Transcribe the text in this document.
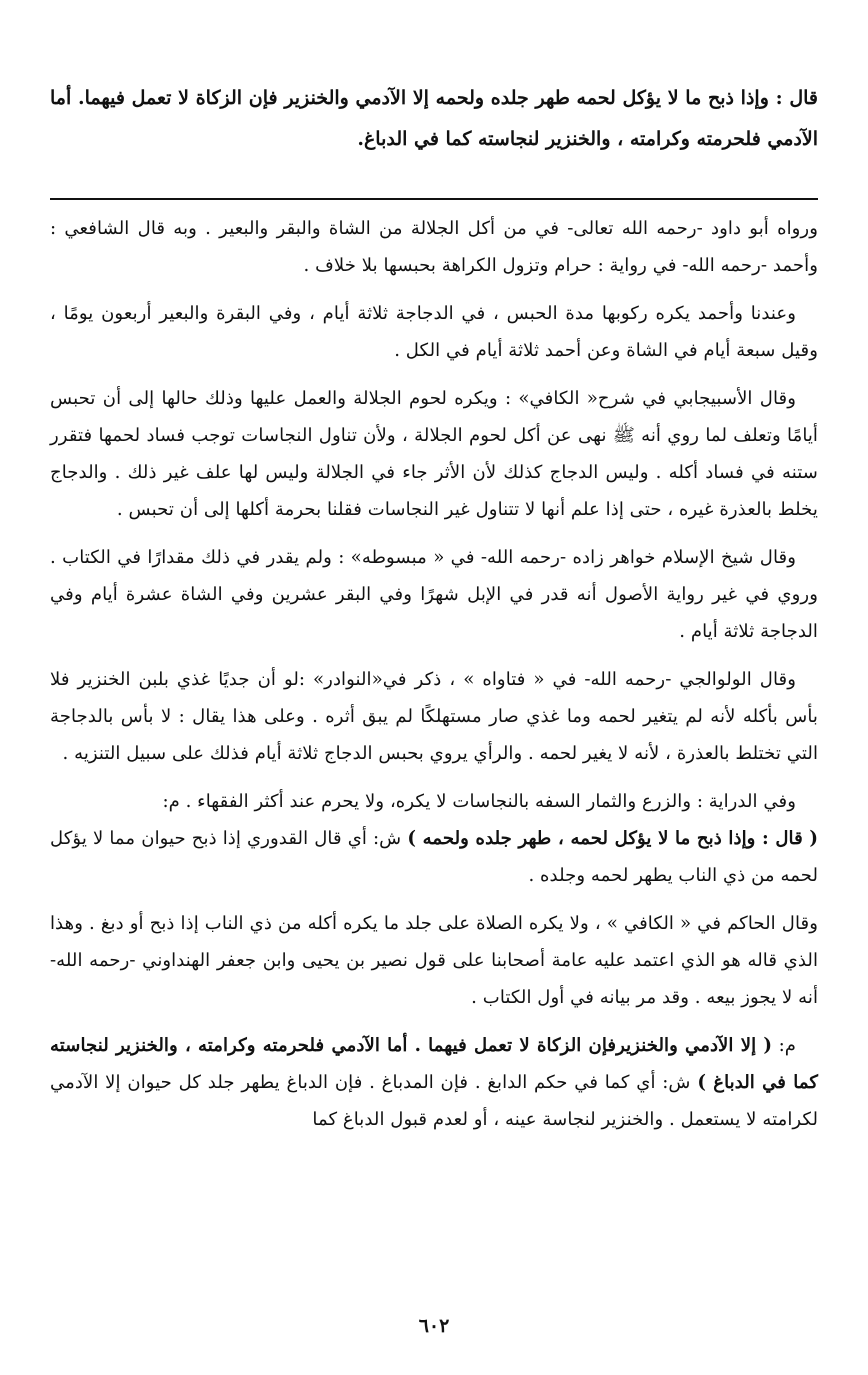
قال : وإذا ذبح ما لا يؤكل لحمه طهر جلده ولحمه إلا الآدمي والخنزير فإن الزكاة لا تعمل فيهما. أما الآدمي فلحرمته وكرامته ، والخنزير لنجاسته كما في الدباغ.

ورواه أبو داود -رحمه الله تعالى- في من أكل الجلالة من الشاة والبقر والبعير . وبه قال الشافعي : وأحمد -رحمه الله- في رواية : حرام وتزول الكراهة بحبسها بلا خلاف .

وعندنا وأحمد يكره ركوبها مدة الحبس ، في الدجاجة ثلاثة أيام ، وفي البقرة والبعير أربعون يومًا ، وقيل سبعة أيام في الشاة وعن أحمد ثلاثة أيام في الكل .

وقال الأسبيجابي في شرح« الكافي» : ويكره لحوم الجلالة والعمل عليها وذلك حالها إلى أن تحبس أيامًا وتعلف لما روي أنه ﷺ نهى عن أكل لحوم الجلالة ، ولأن تناول النجاسات توجب فساد لحمها فتقرر ستنه في فساد أكله . وليس الدجاج كذلك لأن الأثر جاء في الجلالة وليس لها علف غير ذلك . والدجاج يخلط بالعذرة غيره ، حتى إذا علم أنها لا تتناول غير النجاسات فقلنا بحرمة أكلها إلى أن تحبس .

وقال شيخ الإسلام خواهر زاده -رحمه الله- في « مبسوطه» : ولم يقدر في ذلك مقدارًا في الكتاب . وروي في غير رواية الأصول أنه قدر في الإبل شهرًا وفي البقر عشرين وفي الشاة عشرة أيام وفي الدجاجة ثلاثة أيام .

وقال الولوالجي -رحمه الله- في « فتاواه » ، ذكر في«النوادر» :لو أن جديًا غذي بلبن الخنزير فلا بأس بأكله لأنه لم يتغير لحمه وما غذي صار مستهلكًا لم يبق أثره . وعلى هذا يقال : لا بأس بالدجاجة التي تختلط بالعذرة ، لأنه لا يغير لحمه . والرأي يروي بحبس الدجاج ثلاثة أيام فذلك على سبيل التنزيه .

وفي الدراية : والزرع والثمار السفه بالنجاسات لا يكره، ولا يحرم عند أكثر الفقهاء . م:
( قال : وإذا ذبح ما لا يؤكل لحمه ، طهر جلده ولحمه ) ش: أي قال القدوري إذا ذبح حيوان مما لا يؤكل لحمه من ذي الناب يطهر لحمه وجلده .

وقال الحاكم في « الكافي » ، ولا يكره الصلاة على جلد ما يكره أكله من ذي الناب إذا ذبح أو دبغ . وهذا الذي قاله هو الذي اعتمد عليه عامة أصحابنا على قول نصير بن يحيى وابن جعفر الهنداوني -رحمه الله- أنه لا يجوز بيعه . وقد مر بيانه في أول الكتاب .

م: ( إلا الآدمي والخنزيرفإن الزكاة لا تعمل فيهما . أما الآدمي فلحرمته وكرامته ، والخنزير لنجاسته كما في الدباغ ) ش: أي كما في حكم الدابغ . فإن المدباغ . فإن الدباغ يطهر جلد كل حيوان إلا الآدمي لكرامته لا يستعمل . والخنزير لنجاسة عينه ، أو لعدم قبول الدباغ كما

٦٠٢
